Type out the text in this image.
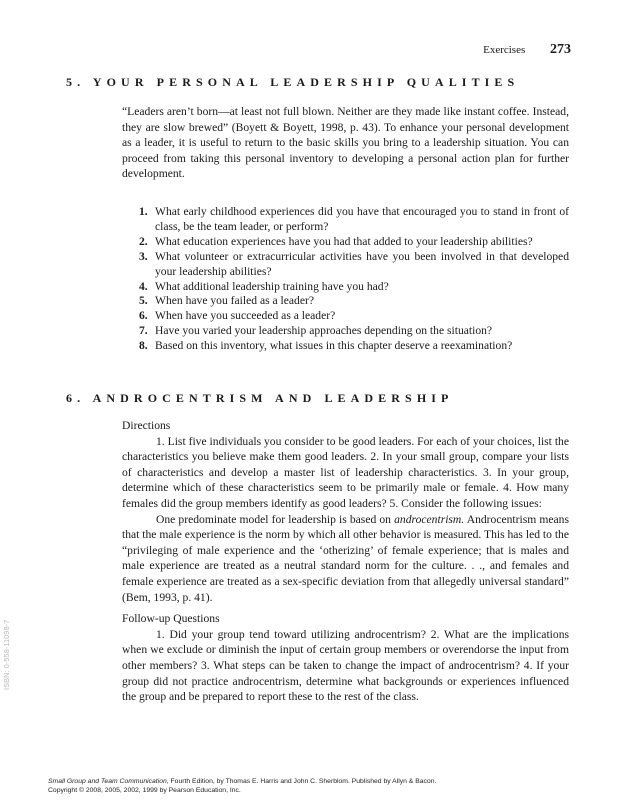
Exercises 273
5. YOUR PERSONAL LEADERSHIP QUALITIES

“Leaders aren’t born—at least not full blown. Neither are they made like instant coffee. Instead, they are slow brewed” (Boyett & Boyett, 1998, p. 43). To enhance your personal development as a leader, it is useful to return to the basic skills you bring to a leadership situation. You can proceed from taking this personal inventory to developing a personal action plan for further development.

1. What early childhood experiences did you have that encouraged you to stand in front of class, be the team leader, or perform?
2. What education experiences have you had that added to your leadership abilities?
3. What volunteer or extracurricular activities have you been involved in that developed your leadership abilities?
4. What additional leadership training have you had?
5. When have you failed as a leader?
6. When have you succeeded as a leader?
7. Have you varied your leadership approaches depending on the situation?
8. Based on this inventory, what issues in this chapter deserve a reexamination?
6. ANDROCENTRISM AND LEADERSHIP

Directions

1. List five individuals you consider to be good leaders. For each of your choices, list the characteristics you believe make them good leaders. 2. In your small group, compare your lists of characteristics and develop a master list of leadership characteristics. 3. In your group, determine which of these characteristics seem to be primarily male or female. 4. How many females did the group members identify as good leaders? 5. Consider the following issues:

One predominate model for leadership is based on androcentrism. Androcentrism means that the male experience is the norm by which all other behavior is measured. This has led to the “privileging of male experience and the ‘otherizing’ of female experience; that is males and male experience are treated as a neutral standard norm for the culture. . ., and females and female experience are treated as a sex-specific deviation from that allegedly universal standard” (Bem, 1993, p. 41).

Follow-up Questions

1. Did your group tend toward utilizing androcentrism? 2. What are the implications when we exclude or diminish the input of certain group members or overendorse the input from other members? 3. What steps can be taken to change the impact of androcentrism? 4. If your group did not practice androcentrism, determine what backgrounds or experiences influenced the group and be prepared to report these to the rest of the class.

ISBN: 0-558-11098-7
Small Group and Team Communication, Fourth Edition, by Thomas E. Harris and John C. Sherblom. Published by Allyn & Bacon.
Copyright © 2008, 2005, 2002, 1999 by Pearson Education, Inc.
